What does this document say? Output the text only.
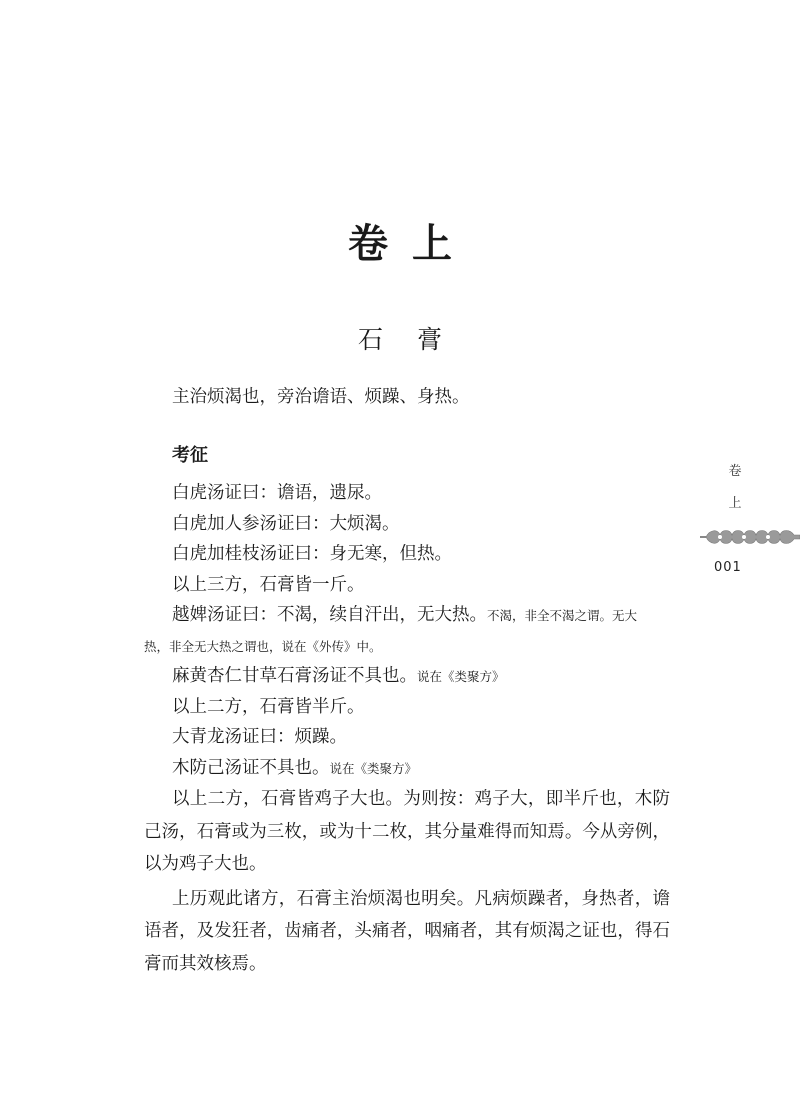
卷上
石膏
主治烦渴也，旁治谵语、烦躁、身热。
考征
白虎汤证曰：谵语，遗尿。
白虎加人参汤证曰：大烦渴。
白虎加桂枝汤证曰：身无寒，但热。
以上三方，石膏皆一斤。
越婢汤证曰：不渴，续自汗出，无大热。不渴，非全不渴之谓。无大
热，非全无大热之谓也，说在《外传》中。
麻黄杏仁甘草石膏汤证不具也。说在《类聚方》
以上二方，石膏皆半斤。
大青龙汤证曰：烦躁。
木防己汤证不具也。说在《类聚方》

以上二方，石膏皆鸡子大也。为则按：鸡子大，即半斤也，木防己汤，石膏或为三枚，或为十二枚，其分量难得而知焉。今从旁例，以为鸡子大也。

上历观此诸方，石膏主治烦渴也明矣。凡病烦躁者，身热者，谵语者，及发狂者，齿痛者，头痛者，咽痛者，其有烦渴之证也，得石膏而其效核焉。

卷
上
001
